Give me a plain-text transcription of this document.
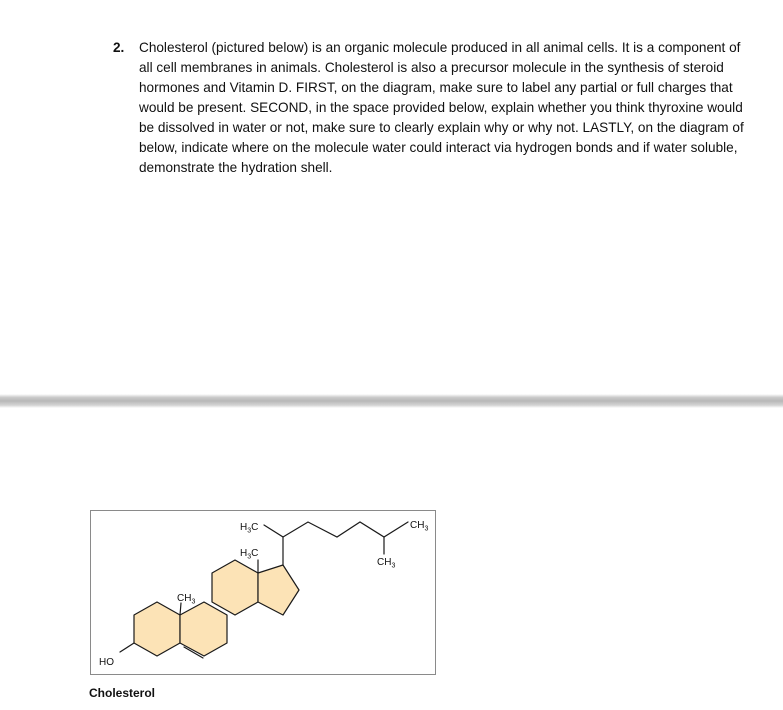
2. Cholesterol (pictured below) is an organic molecule produced in all animal cells. It is a component of all cell membranes in animals. Cholesterol is also a precursor molecule in the synthesis of steroid hormones and Vitamin D. FIRST, on the diagram, make sure to label any partial or full charges that would be present. SECOND, in the space provided below, explain whether you think thyroxine would be dissolved in water or not, make sure to clearly explain why or why not. LASTLY, on the diagram of below, indicate where on the molecule water could interact via hydrogen bonds and if water soluble, demonstrate the hydration shell.
HO
$CH_3$
$H_3C$
$H_3C$
$CH_3$
$CH_3$
Cholesterol
